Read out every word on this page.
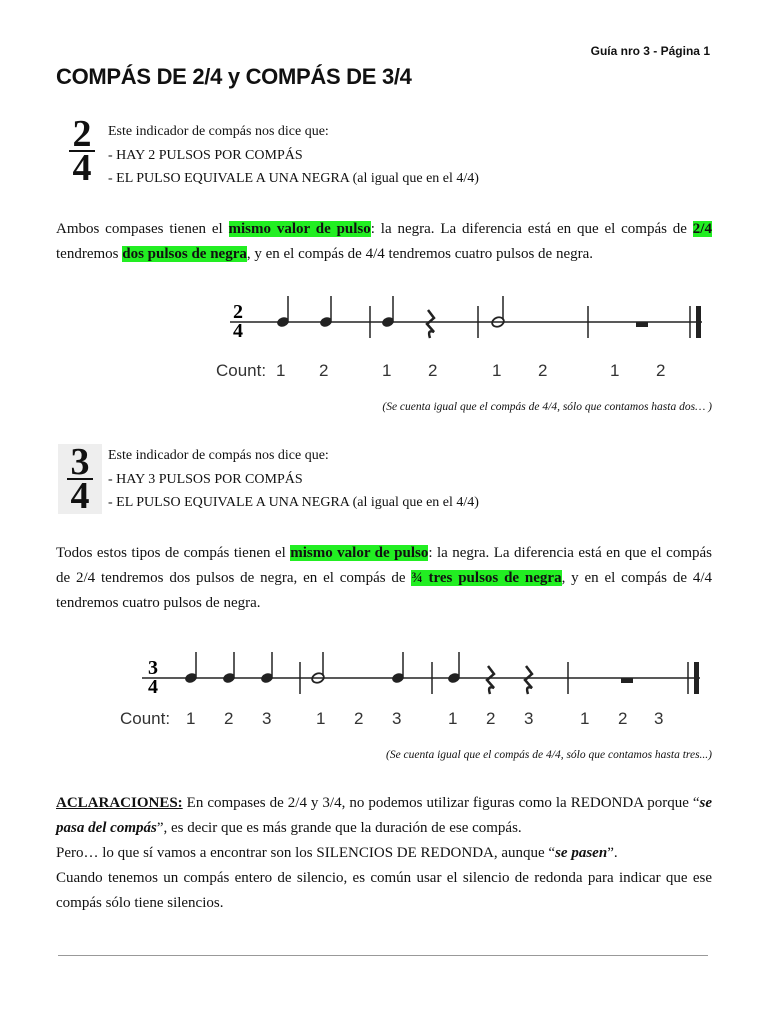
Guía nro 3 - Página 1
COMPÁS DE 2/4 y COMPÁS DE 3/4
2
4
Este indicador de compás nos dice que:
- HAY 2 PULSOS POR COMPÁS
- EL PULSO EQUIVALE A UNA NEGRA (al igual que en el 4/4)
Ambos compases tienen el mismo valor de pulso: la negra. La diferencia está en que el compás de 2/4 tendremos dos pulsos de negra, y en el compás de 4/4 tendremos cuatro pulsos de negra.
2
4
Count: 1 2	1 2	1 2	1 2
(Se cuenta igual que el compás de 4/4, sólo que contamos hasta dos… )
3
4
Este indicador de compás nos dice que:
- HAY 3 PULSOS POR COMPÁS
- EL PULSO EQUIVALE A UNA NEGRA (al igual que en el 4/4)
Todos estos tipos de compás tienen el mismo valor de pulso: la negra. La diferencia está en que el compás de 2/4 tendremos dos pulsos de negra, en el compás de ¾ tres pulsos de negra, y en el compás de 4/4 tendremos cuatro pulsos de negra.
3
4
Count: 1 2 3	1 2 3	1 2 3	1 2 3
(Se cuenta igual que el compás de 4/4, sólo que contamos hasta tres...)
ACLARACIONES: En compases de 2/4 y 3/4, no podemos utilizar figuras como la REDONDA porque “se pasa del compás”, es decir que es más grande que la duración de ese compás.
Pero… lo que sí vamos a encontrar son los SILENCIOS DE REDONDA, aunque “se pasen”.
Cuando tenemos un compás entero de silencio, es común usar el silencio de redonda para indicar que ese compás sólo tiene silencios.
